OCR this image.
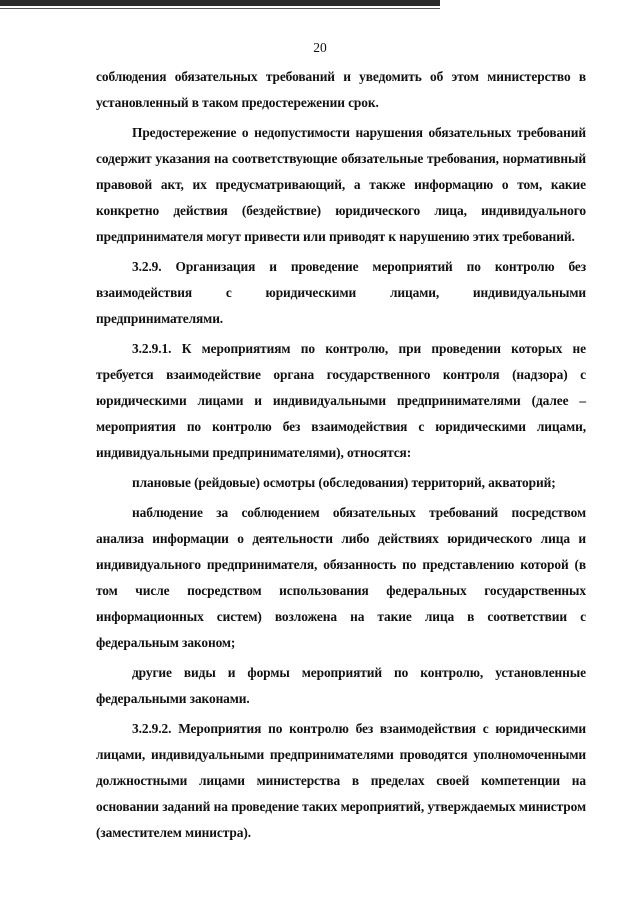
20

соблюдения обязательных требований и уведомить об этом министерство в установленный в таком предостережении срок.

Предостережение о недопустимости нарушения обязательных требований содержит указания на соответствующие обязательные требования, нормативный правовой акт, их предусматривающий, а также информацию о том, какие конкретно действия (бездействие) юридического лица, индивидуального предпринимателя могут привести или приводят к нарушению этих требований.

3.2.9. Организация и проведение мероприятий по контролю без взаимодействия с юридическими лицами, индивидуальными предпринимателями.

3.2.9.1. К мероприятиям по контролю, при проведении которых не требуется взаимодействие органа государственного контроля (надзора) с юридическими лицами и индивидуальными предпринимателями (далее – мероприятия по контролю без взаимодействия с юридическими лицами, индивидуальными предпринимателями), относятся:

плановые (рейдовые) осмотры (обследования) территорий, акваторий;

наблюдение за соблюдением обязательных требований посредством анализа информации о деятельности либо действиях юридического лица и индивидуального предпринимателя, обязанность по представлению которой (в том числе посредством использования федеральных государственных информационных систем) возложена на такие лица в соответствии с федеральным законом;

другие виды и формы мероприятий по контролю, установленные федеральными законами.

3.2.9.2. Мероприятия по контролю без взаимодействия с юридическими лицами, индивидуальными предпринимателями проводятся уполномоченными должностными лицами министерства в пределах своей компетенции на основании заданий на проведение таких мероприятий, утверждаемых министром (заместителем министра).
